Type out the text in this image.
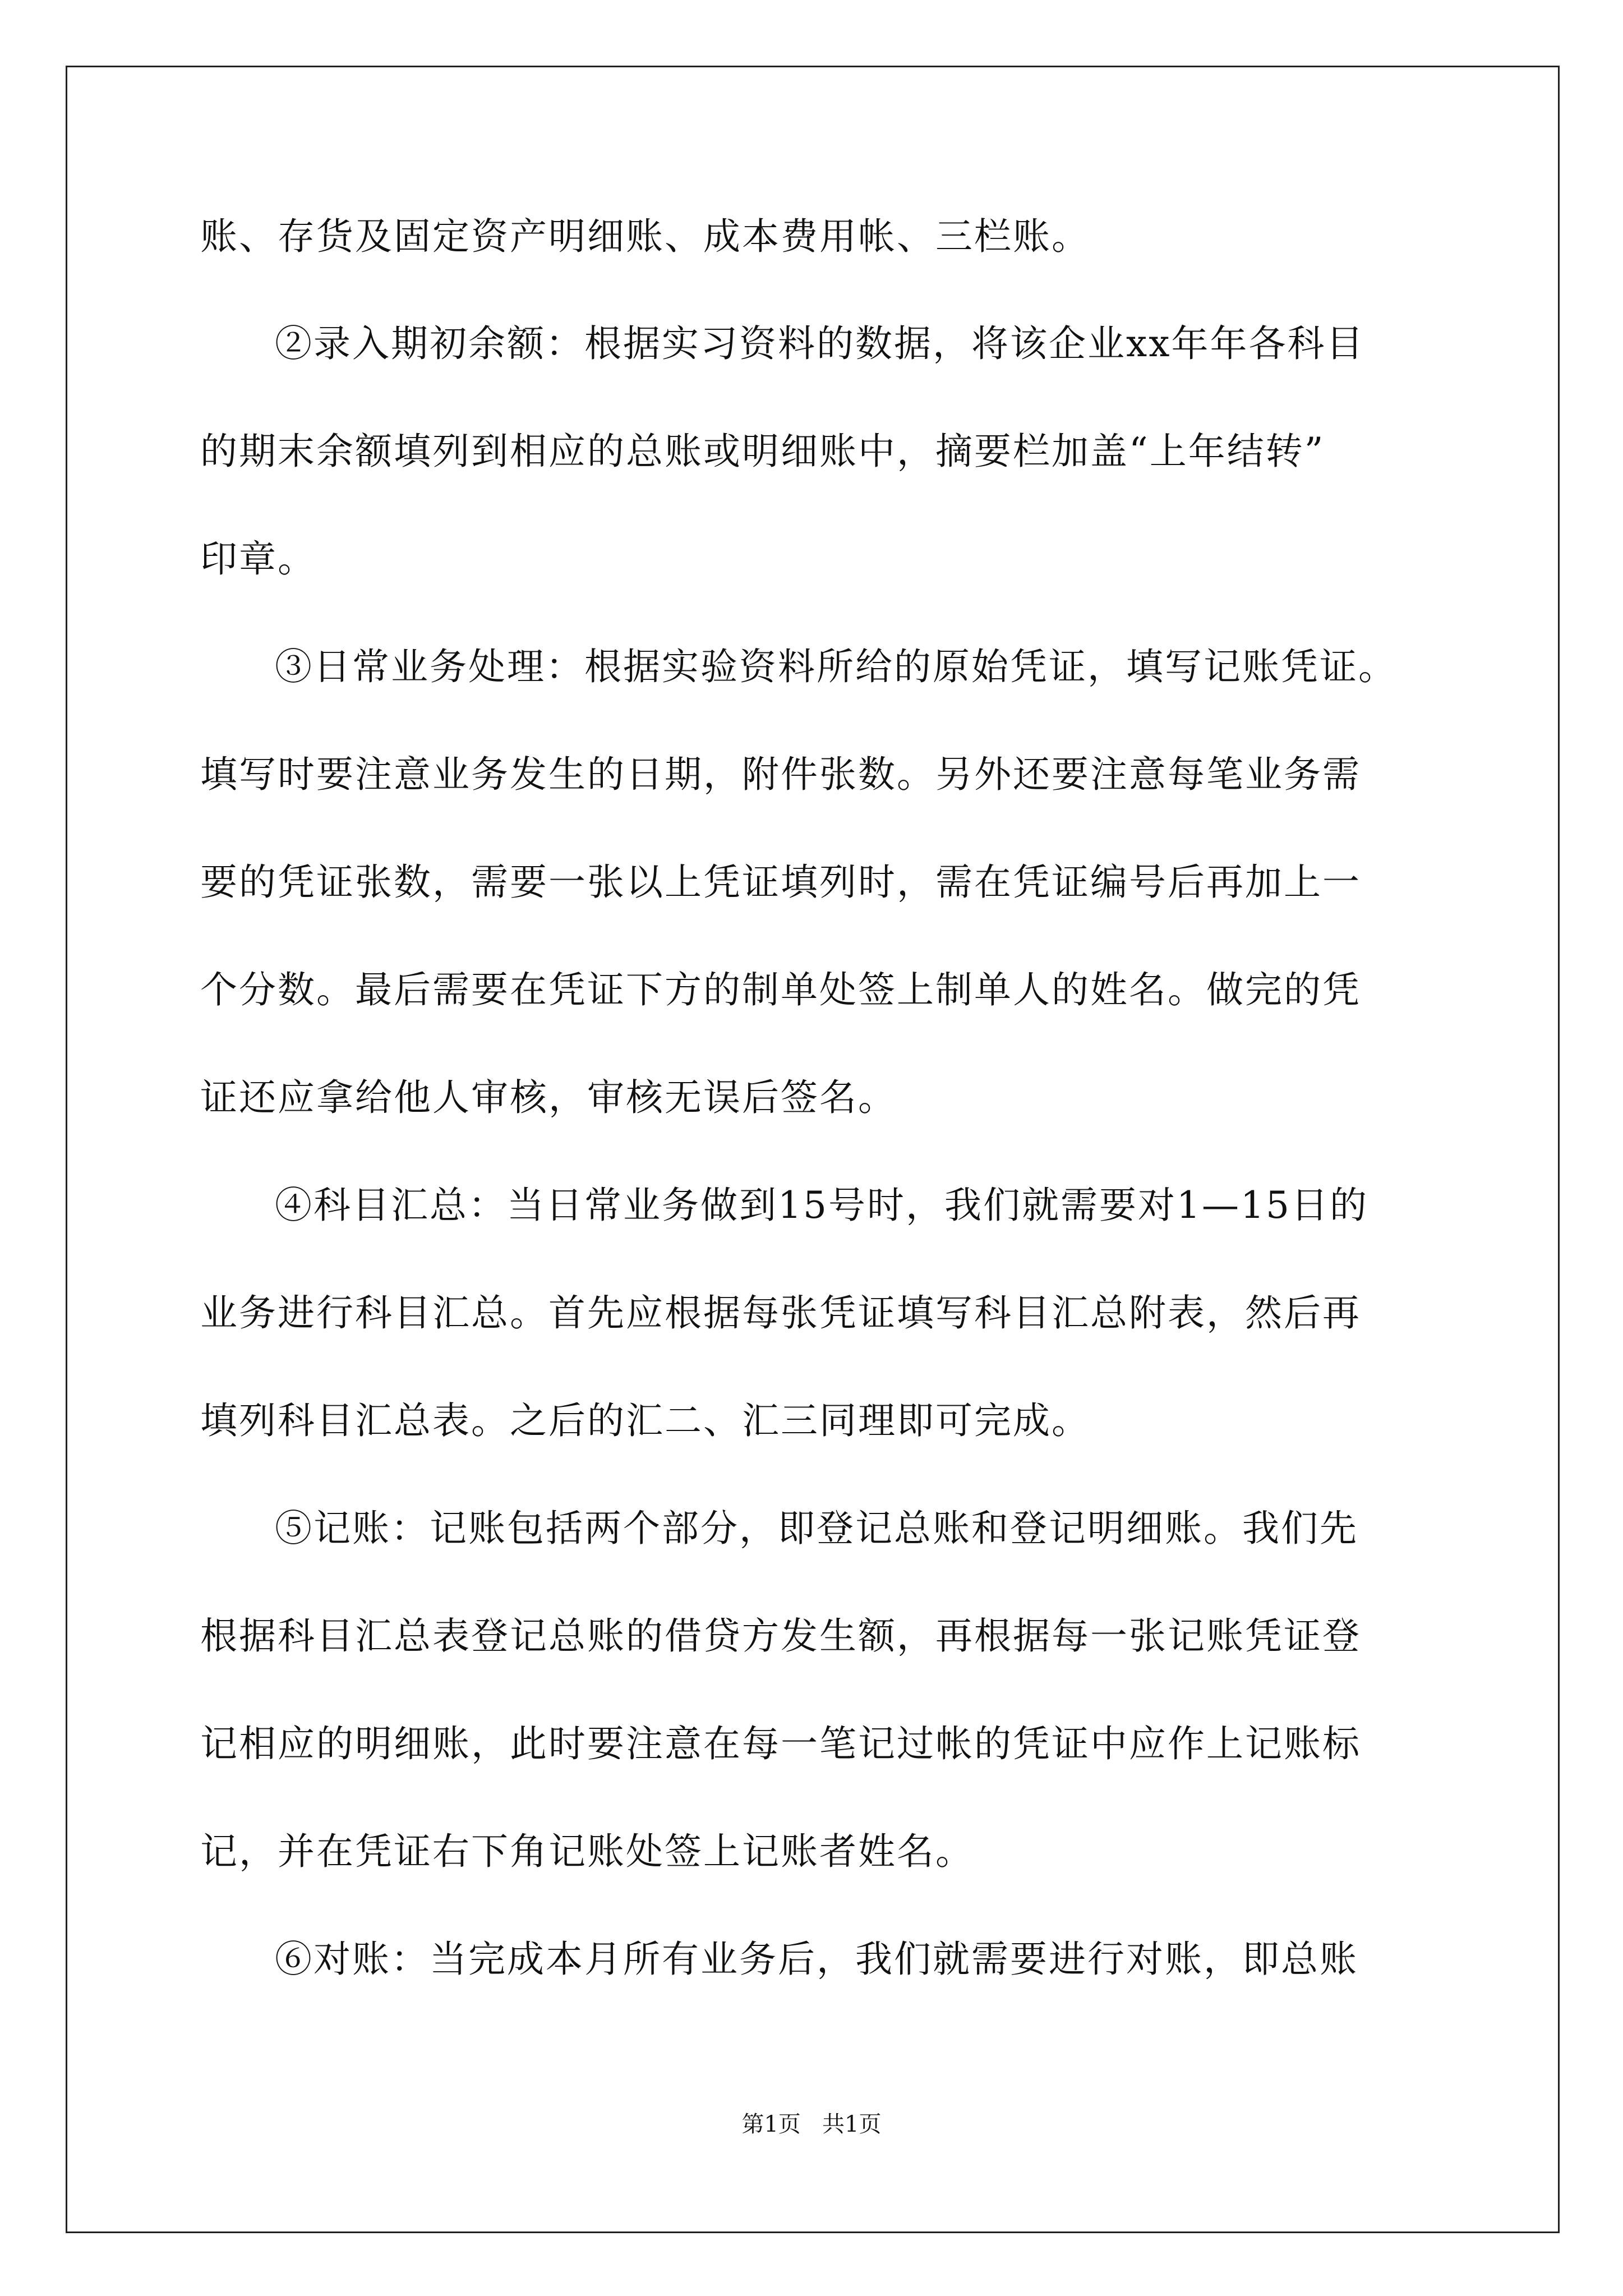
账、存货及固定资产明细账、成本费用帐、三栏账。
②录入期初余额：根据实习资料的数据，将该企业xx年年各科目
的期末余额填列到相应的总账或明细账中，摘要栏加盖“上年结转”
印章。
③日常业务处理：根据实验资料所给的原始凭证，填写记账凭证。
填写时要注意业务发生的日期，附件张数。另外还要注意每笔业务需
要的凭证张数，需要一张以上凭证填列时，需在凭证编号后再加上一
个分数。最后需要在凭证下方的制单处签上制单人的姓名。做完的凭
证还应拿给他人审核，审核无误后签名。
④科目汇总：当日常业务做到15号时，我们就需要对1—15日的
业务进行科目汇总。首先应根据每张凭证填写科目汇总附表，然后再
填列科目汇总表。之后的汇二、汇三同理即可完成。
⑤记账：记账包括两个部分，即登记总账和登记明细账。我们先
根据科目汇总表登记总账的借贷方发生额，再根据每一张记账凭证登
记相应的明细账，此时要注意在每一笔记过帐的凭证中应作上记账标
记，并在凭证右下角记账处签上记账者姓名。
⑥对账：当完成本月所有业务后，我们就需要进行对账，即总账
第1页   共1页
